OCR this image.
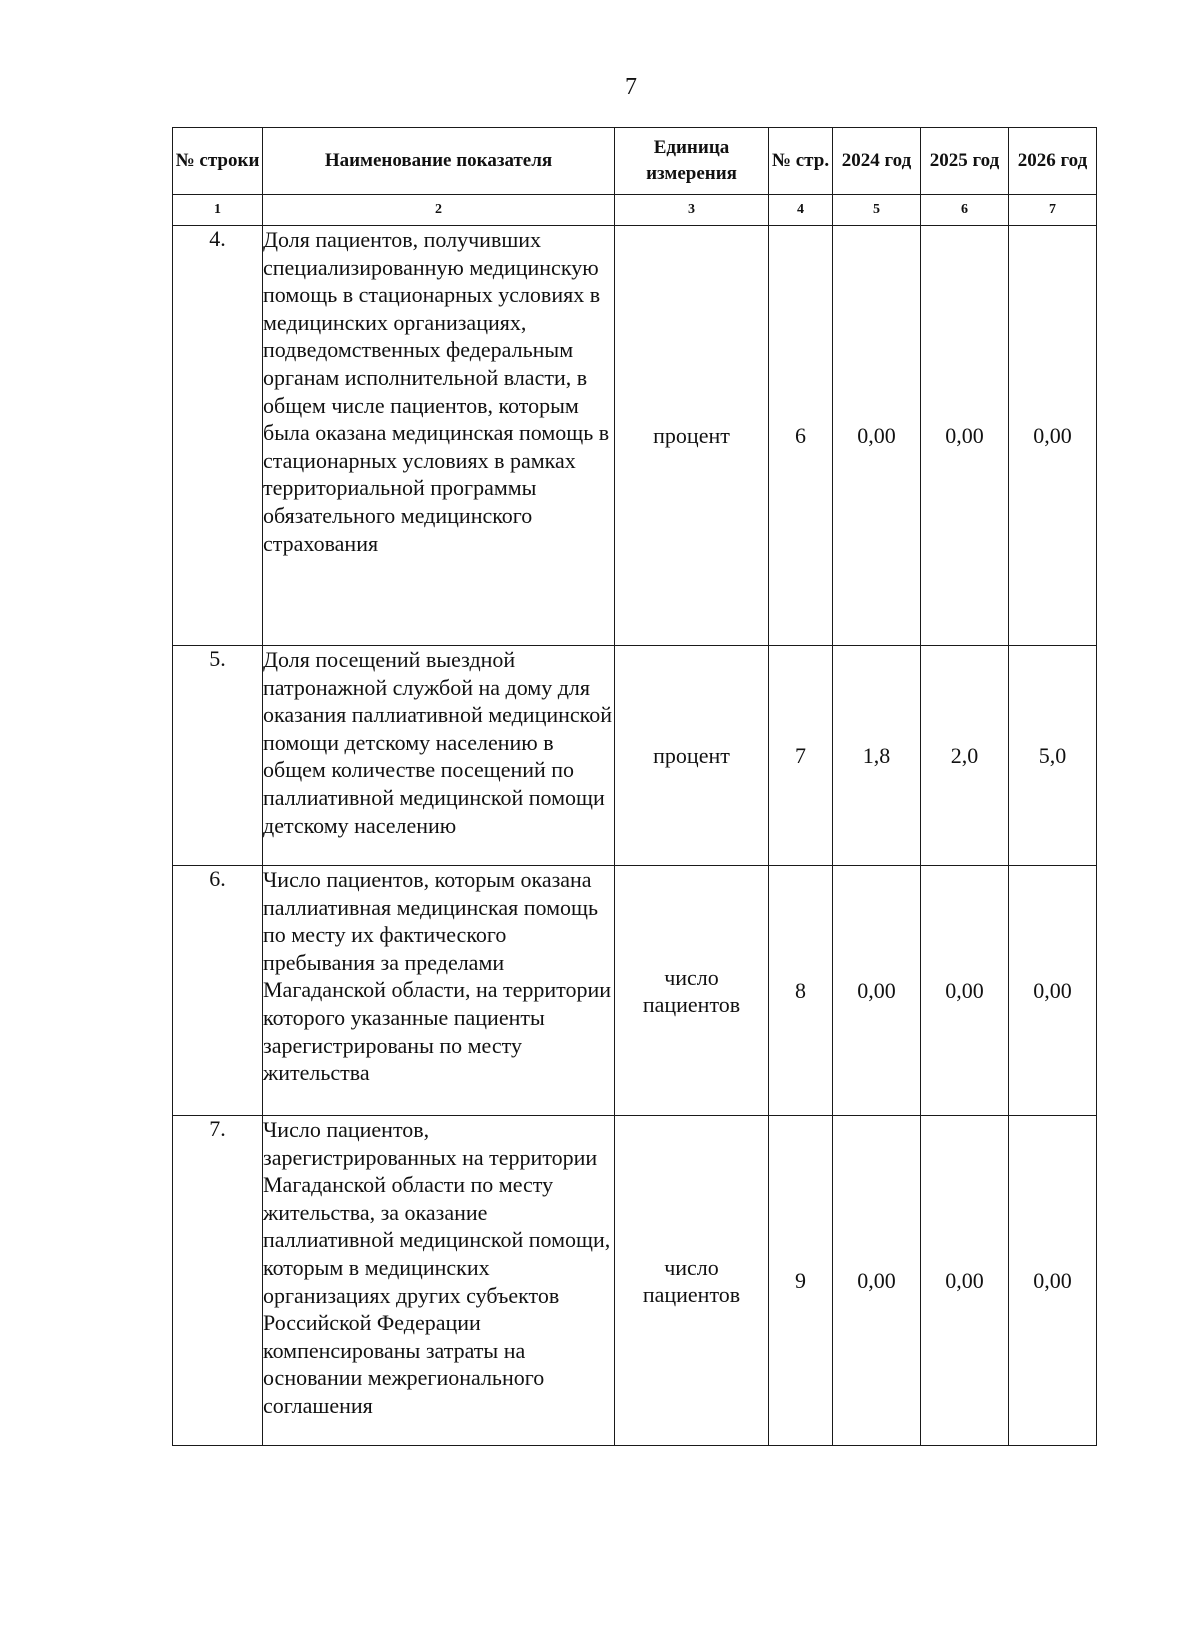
7
№ строки	Наименование показателя	Единица измерения	№ стр.	2024 год	2025 год	2026 год
1	2	3	4	5	6	7
4.	Доля пациентов, получивших специализированную медицинскую помощь в стационарных условиях в медицинских организациях, подведомственных федеральным органам исполнительной власти, в общем числе пациентов, которым была оказана медицинская помощь в стационарных условиях в рамках территориальной программы обязательного медицинского страхования	процент	6	0,00	0,00	0,00
5.	Доля посещений выездной патронажной службой на дому для оказания паллиативной медицинской помощи детскому населению в общем количестве посещений по паллиативной медицинской помощи детскому населению	процент	7	1,8	2,0	5,0
6.	Число пациентов, которым оказана паллиативная медицинская помощь по месту их фактического пребывания за пределами Магаданской области, на территории которого указанные пациенты зарегистрированы по месту жительства	число пациентов	8	0,00	0,00	0,00
7.	Число пациентов, зарегистрированных на территории Магаданской области по месту жительства, за оказание паллиативной медицинской помощи, которым в медицинских организациях других субъектов Российской Федерации компенсированы затраты на основании межрегионального соглашения	число пациентов	9	0,00	0,00	0,00
